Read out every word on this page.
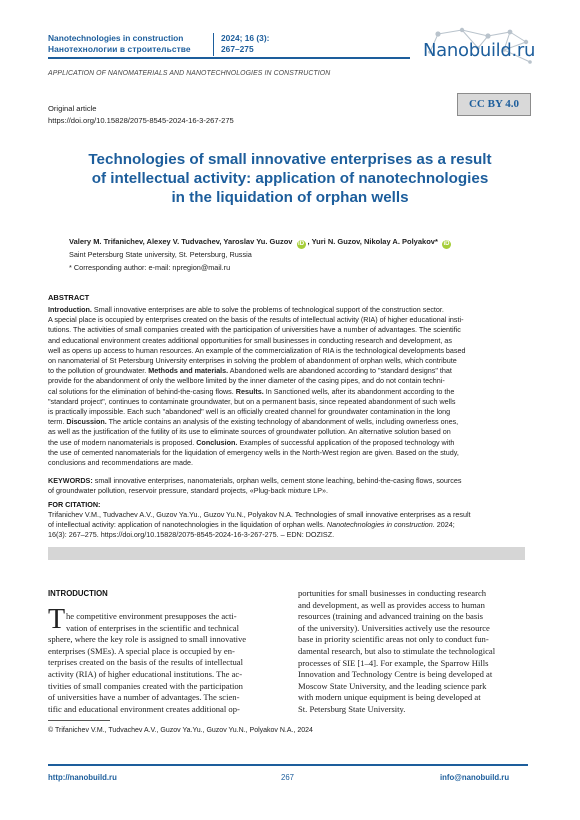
Nanotechnologies in construction
Нанотехнологии в строительстве
2024; 16 (3):
267–275	Nanobuild.ru
APPLICATION OF NANOMATERIALS AND NANOTECHNOLOGIES IN CONSTRUCTION
Original article
https://doi.org/10.15828/2075-8545-2024-16-3-267-275
CC BY 4.0
Technologies of small innovative enterprises as a result
of intellectual activity: application of nanotechnologies
in the liquidation of orphan wells
Valery M. Trifanichev, Alexey V. Tudvachev, Yaroslav Yu. Guzov iD , Yuri N. Guzov, Nikolay A. Polyakov* iD
Saint Petersburg State university, St. Petersburg, Russia
* Corresponding author: e-mail: npregion@mail.ru
ABSTRACT
Introduction. Small innovative enterprises are able to solve the problems of technological support of the construction sector.
A special place is occupied by enterprises created on the basis of the results of intellectual activity (RIA) of higher educational insti-
tutions. The activities of small companies created with the participation of universities have a number of advantages. The scientific
and educational environment creates additional opportunities for small businesses in conducting research and development, as
well as opens up access to human resources. An example of the commercialization of RIA is the technological developments based
on nanomaterial of St Petersburg University enterprises in solving the problem of abandonment of orphan wells, which contribute
to the pollution of groundwater. Methods and materials. Abandoned wells are abandoned according to "standard designs" that
provide for the abandonment of only the wellbore limited by the inner diameter of the casing pipes, and do not contain techni-
cal solutions for the elimination of behind-the-casing flows. Results. In Sanctioned wells, after its abandonment according to the
"standard project", continues to contaminate groundwater, but on a permanent basis, since repeated abandonment of such wells
is practically impossible. Each such "abandoned" well is an officially created channel for groundwater contamination in the long
term. Discussion. The article contains an analysis of the existing technology of abandonment of wells, including ownerless ones,
as well as the justification of the futility of its use to eliminate sources of groundwater pollution. An alternative solution based on
the use of modern nanomaterials is proposed. Conclusion. Examples of successful application of the proposed technology with
the use of cemented nanomaterials for the liquidation of emergency wells in the North-West region are given. Based on the study,
conclusions and recommendations are made.
KEYWORDS: small innovative enterprises, nanomaterials, orphan wells, cement stone leaching, behind-the-casing flows, sources
of groundwater pollution, reservoir pressure, standard projects, «Plug-back mixture LP».
FOR CITATION:
Trifanichev V.M., Tudvachev A.V., Guzov Ya.Yu., Guzov Yu.N., Polyakov N.A. Technologies of small innovative enterprises as a result
of intellectual activity: application of nanotechnologies in the liquidation of orphan wells. Nanotechnologies in construction. 2024;
16(3): 267–275. https://doi.org/10.15828/2075-8545-2024-16-3-267-275. – EDN: DOZISZ.
INTRODUCTION
T he competitive environment presupposes the acti-
vation of enterprises in the scientific and technical
sphere, where the key role is assigned to small innovative
enterprises (SMEs). A special place is occupied by en-
terprises created on the basis of the results of intellectual
activity (RIA) of higher educational institutions. The ac-
tivities of small companies created with the participation
of universities have a number of advantages. The scien-
tific and educational environment creates additional op-
portunities for small businesses in conducting research
and development, as well as provides access to human
resources (training and advanced training on the basis
of the university). Universities actively use the resource
base in priority scientific areas not only to conduct fun-
damental research, but also to stimulate the technological
processes of SIE [1–4]. For example, the Sparrow Hills
Innovation and Technology Centre is being developed at
Moscow State University, and the leading science park
with modern unique equipment is being developed at
St. Petersburg State University.
© Trifanichev V.M., Tudvachev A.V., Guzov Ya.Yu., Guzov Yu.N., Polyakov N.A., 2024
http://nanobuild.ru	267	info@nanobuild.ru
